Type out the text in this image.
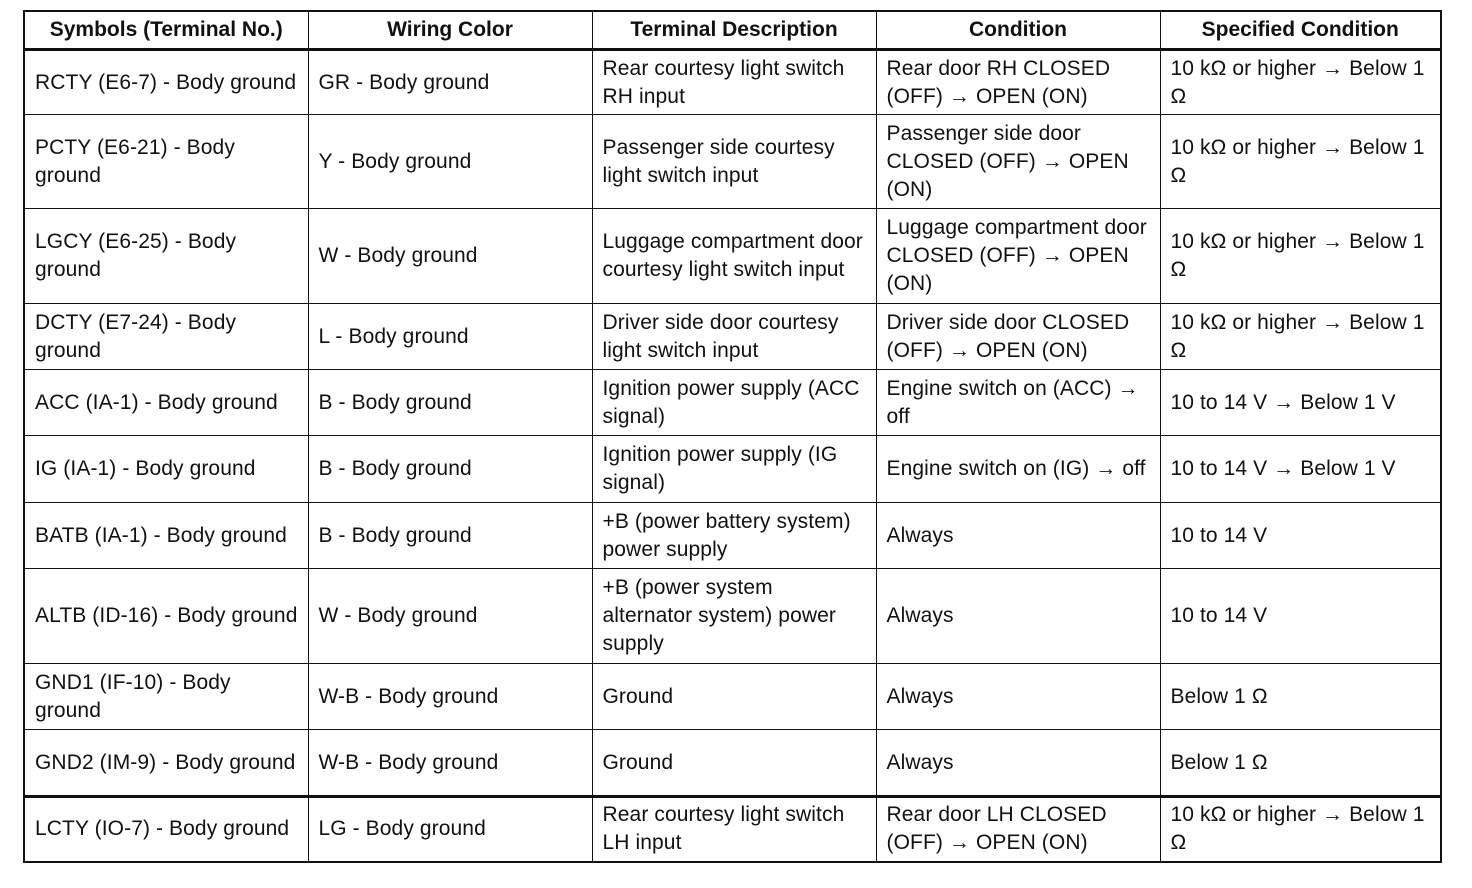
Symbols (Terminal No.)	Wiring Color	Terminal Description	Condition	Specified Condition
RCTY (E6-7) - Body ground	GR - Body ground	Rear courtesy light switch RH input	Rear door RH CLOSED (OFF) → OPEN (ON)	10 kΩ or higher → Below 1 Ω
PCTY (E6-21) - Body ground	Y - Body ground	Passenger side courtesy light switch input	Passenger side door CLOSED (OFF) → OPEN (ON)	10 kΩ or higher → Below 1 Ω
LGCY (E6-25) - Body ground	W - Body ground	Luggage compartment door courtesy light switch input	Luggage compartment door CLOSED (OFF) → OPEN (ON)	10 kΩ or higher → Below 1 Ω
DCTY (E7-24) - Body ground	L - Body ground	Driver side door courtesy light switch input	Driver side door CLOSED (OFF) → OPEN (ON)	10 kΩ or higher → Below 1 Ω
ACC (IA-1) - Body ground	B - Body ground	Ignition power supply (ACC signal)	Engine switch on (ACC) → off	10 to 14 V → Below 1 V
IG (IA-1) - Body ground	B - Body ground	Ignition power supply (IG signal)	Engine switch on (IG) → off	10 to 14 V → Below 1 V
BATB (IA-1) - Body ground	B - Body ground	+B (power battery system) power supply	Always	10 to 14 V
ALTB (ID-16) - Body ground	W - Body ground	+B (power system alternator system) power supply	Always	10 to 14 V
GND1 (IF-10) - Body ground	W-B - Body ground	Ground	Always	Below 1 Ω
GND2 (IM-9) - Body ground	W-B - Body ground	Ground	Always	Below 1 Ω
LCTY (IO-7) - Body ground	LG - Body ground	Rear courtesy light switch LH input	Rear door LH CLOSED (OFF) → OPEN (ON)	10 kΩ or higher → Below 1 Ω
